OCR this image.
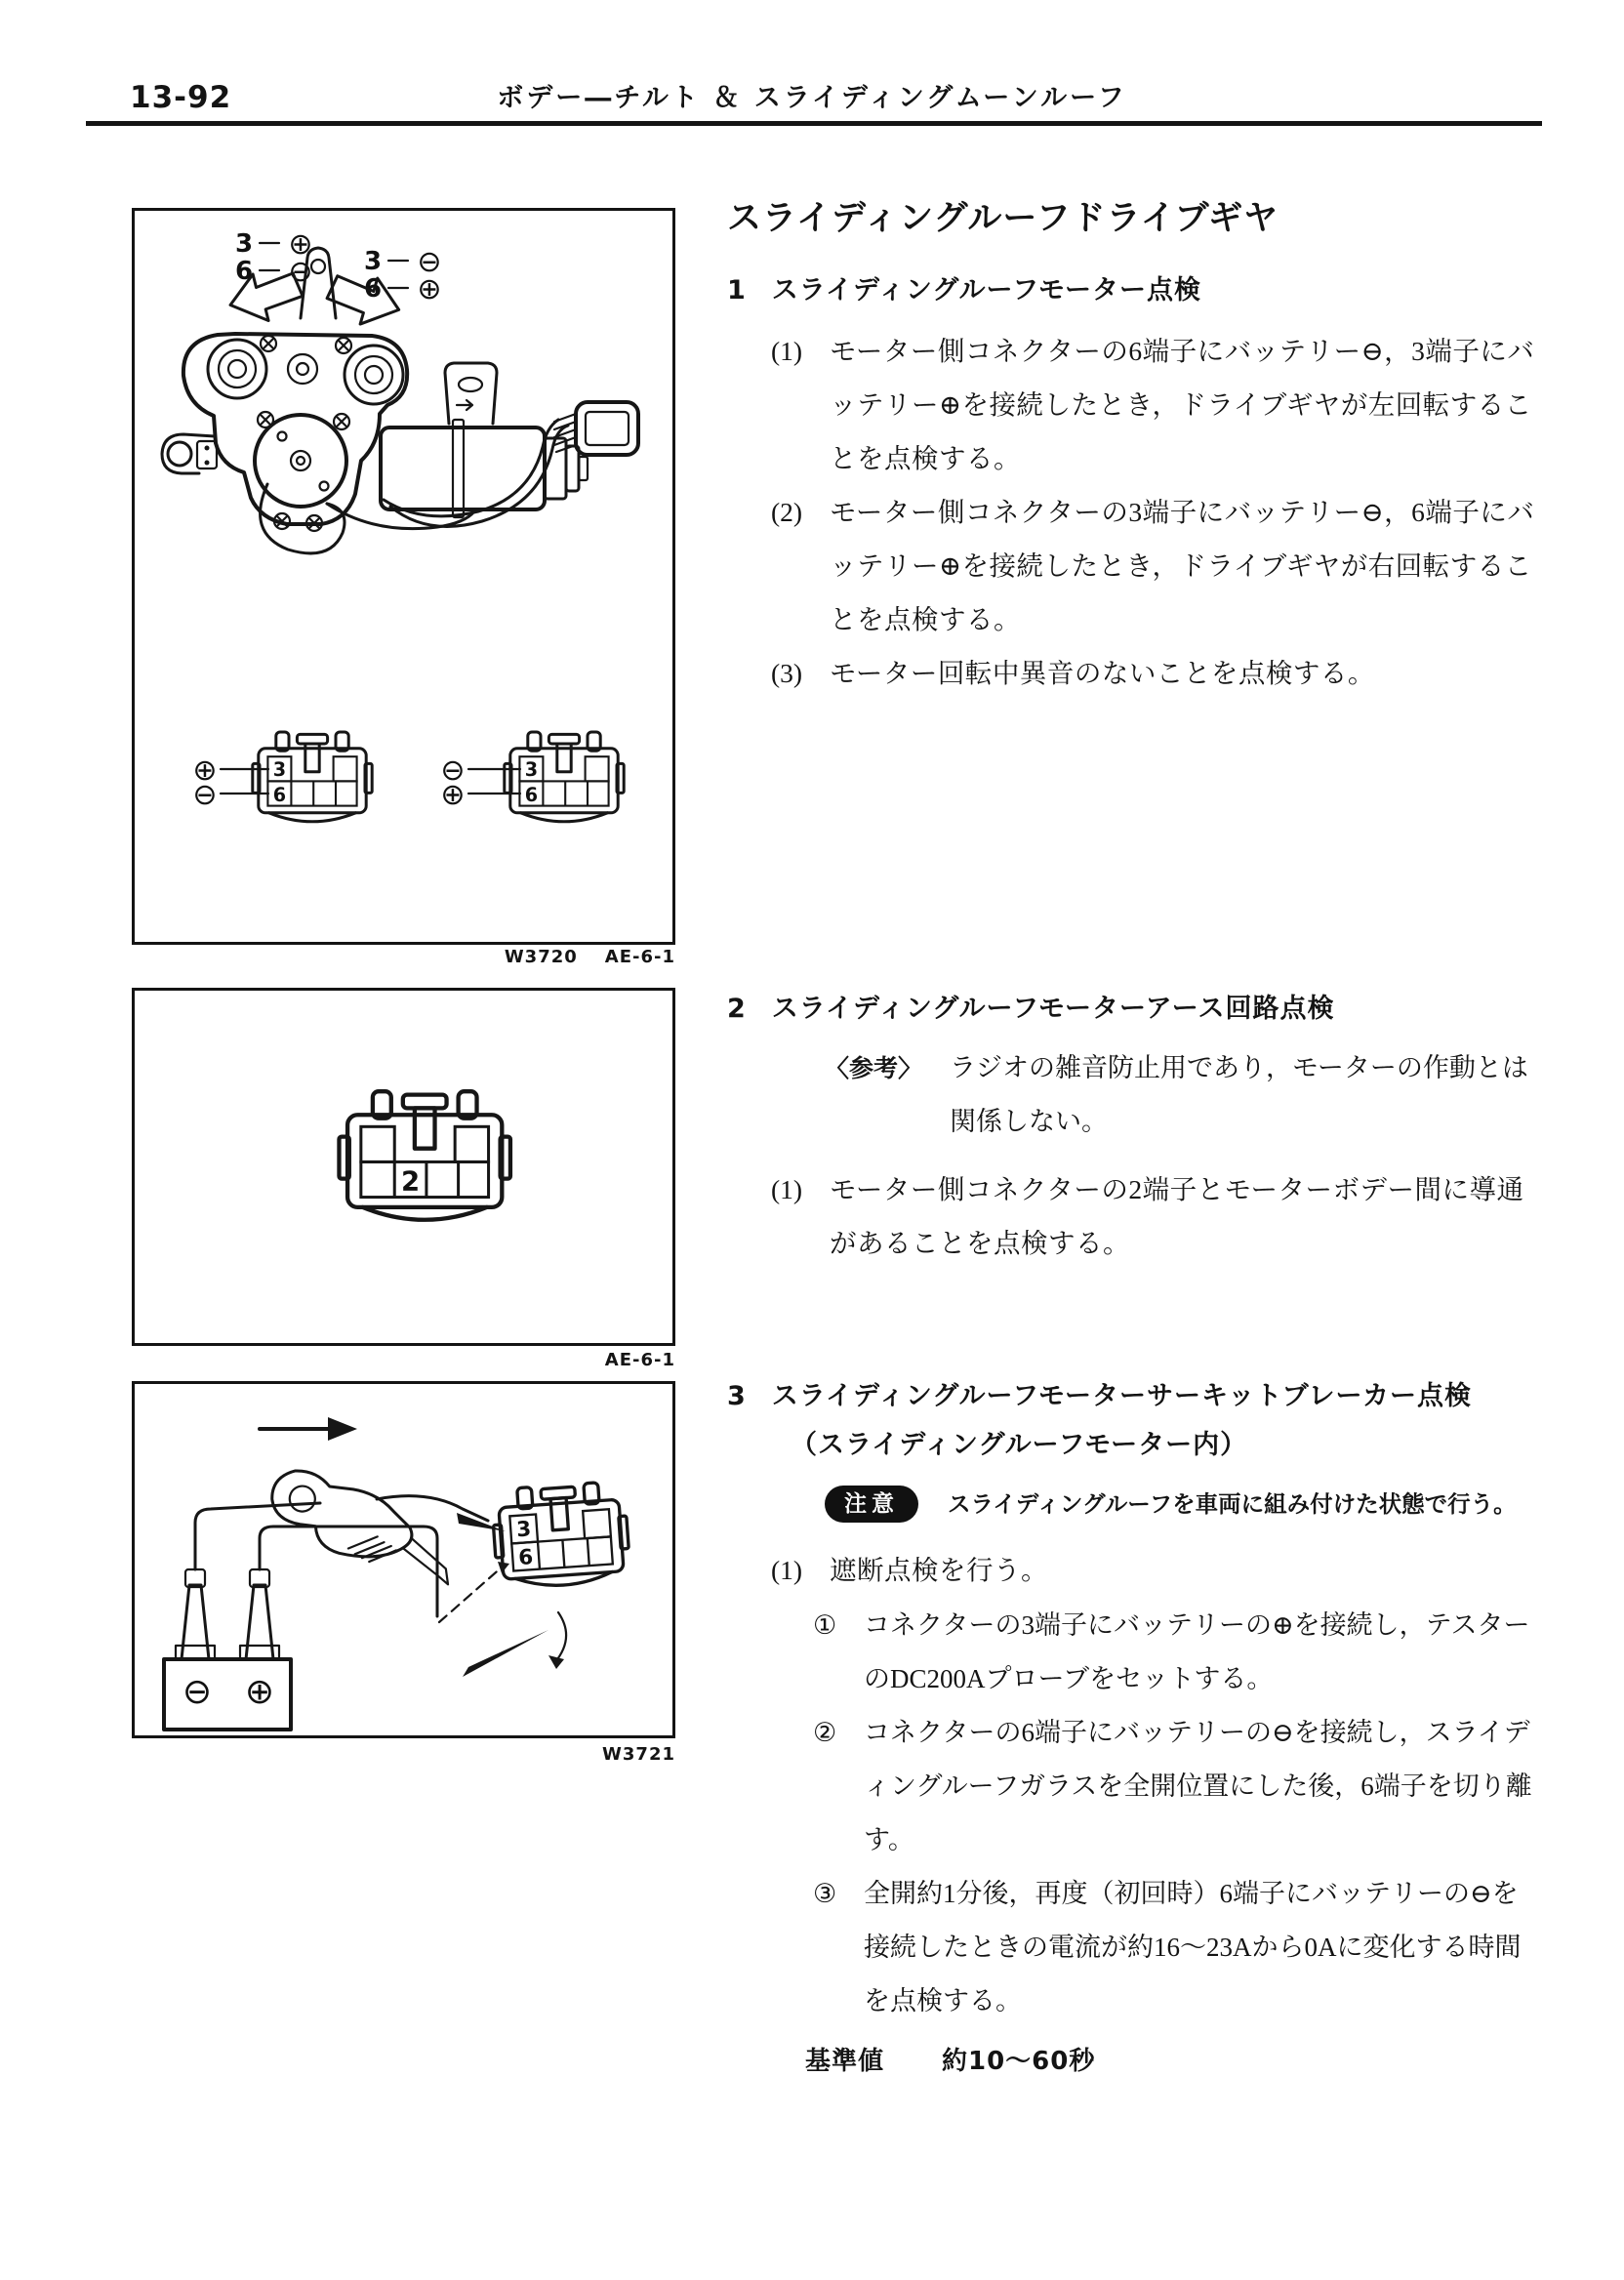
13-92	ボデー―チルト ＆ スライディングムーンルーフ
3 ⊕
6 ⊖ 3 ⊖
6 ⊕
3
6
⊕
⊖
3
6
⊖
⊕
W3720 AE-6-1
2
AE-6-1
⊖ ⊕
3
6
W3721
スライディングルーフドライブギヤ
1 スライディングルーフモーター点検
(1)	モーター側コネクターの6端子にバッテリー⊖，3端子にバッテリー⊕を接続したとき，ドライブギヤが左回転することを点検する。
(2)	モーター側コネクターの3端子にバッテリー⊖，6端子にバッテリー⊕を接続したとき，ドライブギヤが右回転することを点検する。
(3)	モーター回転中異音のないことを点検する。
2 スライディングルーフモーターアース回路点検
〈参考〉	ラジオの雑音防止用であり，モーターの作動とは関係しない。
(1)	モーター側コネクターの2端子とモーターボデー間に導通があることを点検する。
3 スライディングルーフモーターサーキットブレーカー点検
（スライディングルーフモーター内）
注意	スライディングルーフを車両に組み付けた状態で行う。
(1)	遮断点検を行う。
①	コネクターの3端子にバッテリーの⊕を接続し，テスターのDC200Aプローブをセットする。
②	コネクターの6端子にバッテリーの⊖を接続し，スライディングルーフガラスを全開位置にした後，6端子を切り離す。
③	全開約1分後，再度（初回時）6端子にバッテリーの⊖を接続したときの電流が約16～23Aから0Aに変化する時間を点検する。
基準値	約10～60秒
